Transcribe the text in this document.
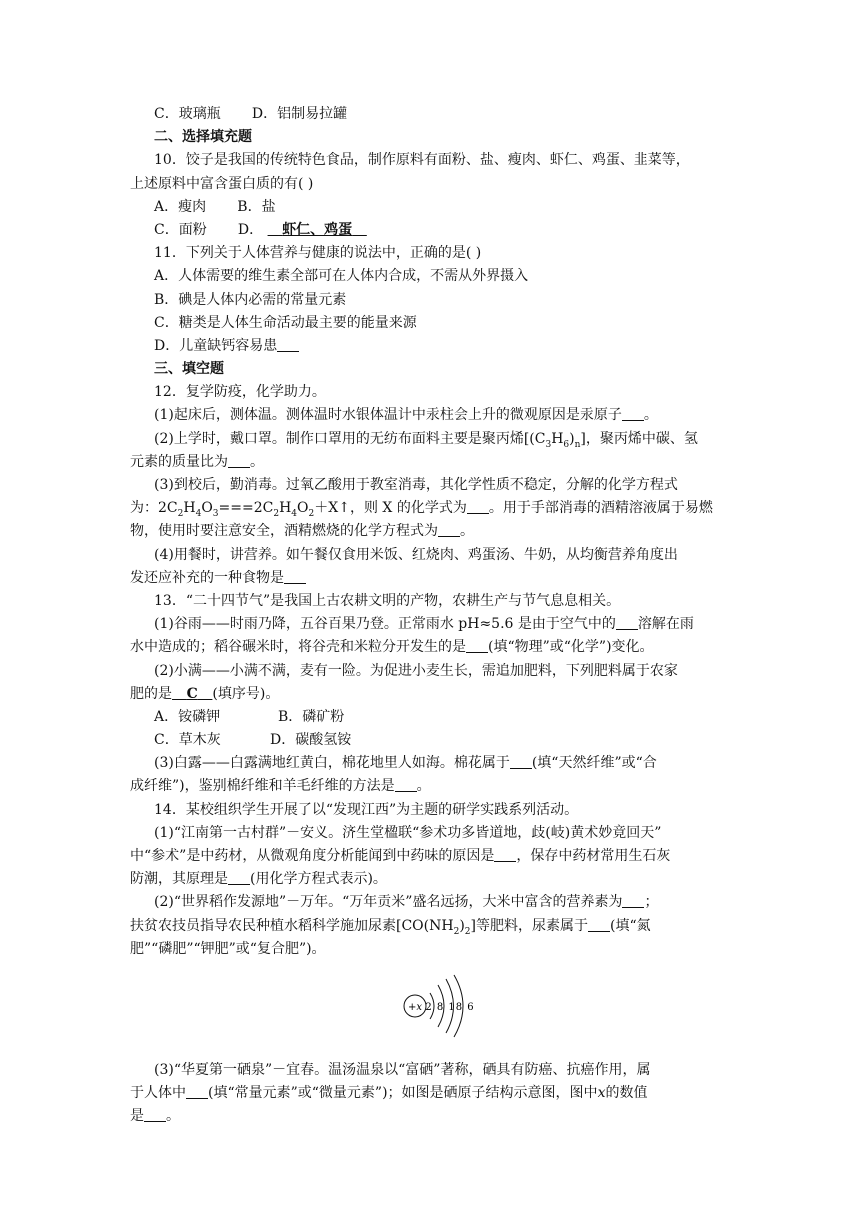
C．玻璃瓶 D．铝制易拉罐
二、选择填充题
10．饺子是我国的传统特色食品，制作原料有面粉、盐、瘦肉、虾仁、鸡蛋、韭菜等，
上述原料中富含蛋白质的有( )
A．瘦肉 B．盐
C．面粉 D． 虾仁、鸡蛋
11．下列关于人体营养与健康的说法中，正确的是( )
A．人体需要的维生素全部可在人体内合成，不需从外界摄入
B．碘是人体内必需的常量元素
C．糖类是人体生命活动最主要的能量来源
D．儿童缺钙容易患
三、填空题
12．复学防疫，化学助力。
(1)起床后，测体温。测体温时水银体温计中汞柱会上升的微观原因是汞原子 。
(2)上学时，戴口罩。制作口罩用的无纺布面料主要是聚丙烯$[(C_3H_6)_n]$，聚丙烯中碳、氢
元素的质量比为 。
(3)到校后，勤消毒。过氧乙酸用于教室消毒，其化学性质不稳定，分解的化学方程式
为：$2C_2H_4O_3===2C_2H_4O_2+X↑$，则 X 的化学式为 。用于手部消毒的酒精溶液属于易燃
物，使用时要注意安全，酒精燃烧的化学方程式为 。
(4)用餐时，讲营养。如午餐仅食用米饭、红烧肉、鸡蛋汤、牛奶，从均衡营养角度出
发还应补充的一种食物是
13．“二十四节气”是我国上古农耕文明的产物，农耕生产与节气息息相关。
(1)谷雨——时雨乃降，五谷百果乃登。正常雨水 pH≈5.6 是由于空气中的 溶解在雨
水中造成的；稻谷碾米时，将谷壳和米粒分开发生的是 (填“物理”或“化学”)变化。
(2)小满——小满不满，麦有一险。为促进小麦生长，需追加肥料，下列肥料属于农家
肥的是 C (填序号)。
A．铵磷钾	B．磷矿粉
C．草木灰	D．碳酸氢铵
(3)白露——白露满地红黄白，棉花地里人如海。棉花属于 (填“天然纤维”或“合
成纤维”)，鉴别棉纤维和羊毛纤维的方法是 。
14．某校组织学生开展了以“发现江西”为主题的研学实践系列活动。
(1)“江南第一古村群”－安义。济生堂楹联“参术功多皆道地，歧(岐)黄术妙竟回天”
中“参术”是中药材，从微观角度分析能闻到中药味的原因是 ，保存中药材常用生石灰
防潮，其原理是 (用化学方程式表示)。
(2)“世界稻作发源地”－万年。“万年贡米”盛名远扬，大米中富含的营养素为 ；
扶贫农技员指导农民种植水稻科学施加尿素$[CO(NH_2)_2]$等肥料，尿素属于 (填“氮
肥”“磷肥”“钾肥”或“复合肥”)。
+x 2 8 18 6
(3)“华夏第一硒泉”－宜春。温汤温泉以“富硒”著称，硒具有防癌、抗癌作用，属
于人体中 (填“常量元素”或“微量元素”)；如图是硒原子结构示意图，图中x的数值
是 。
